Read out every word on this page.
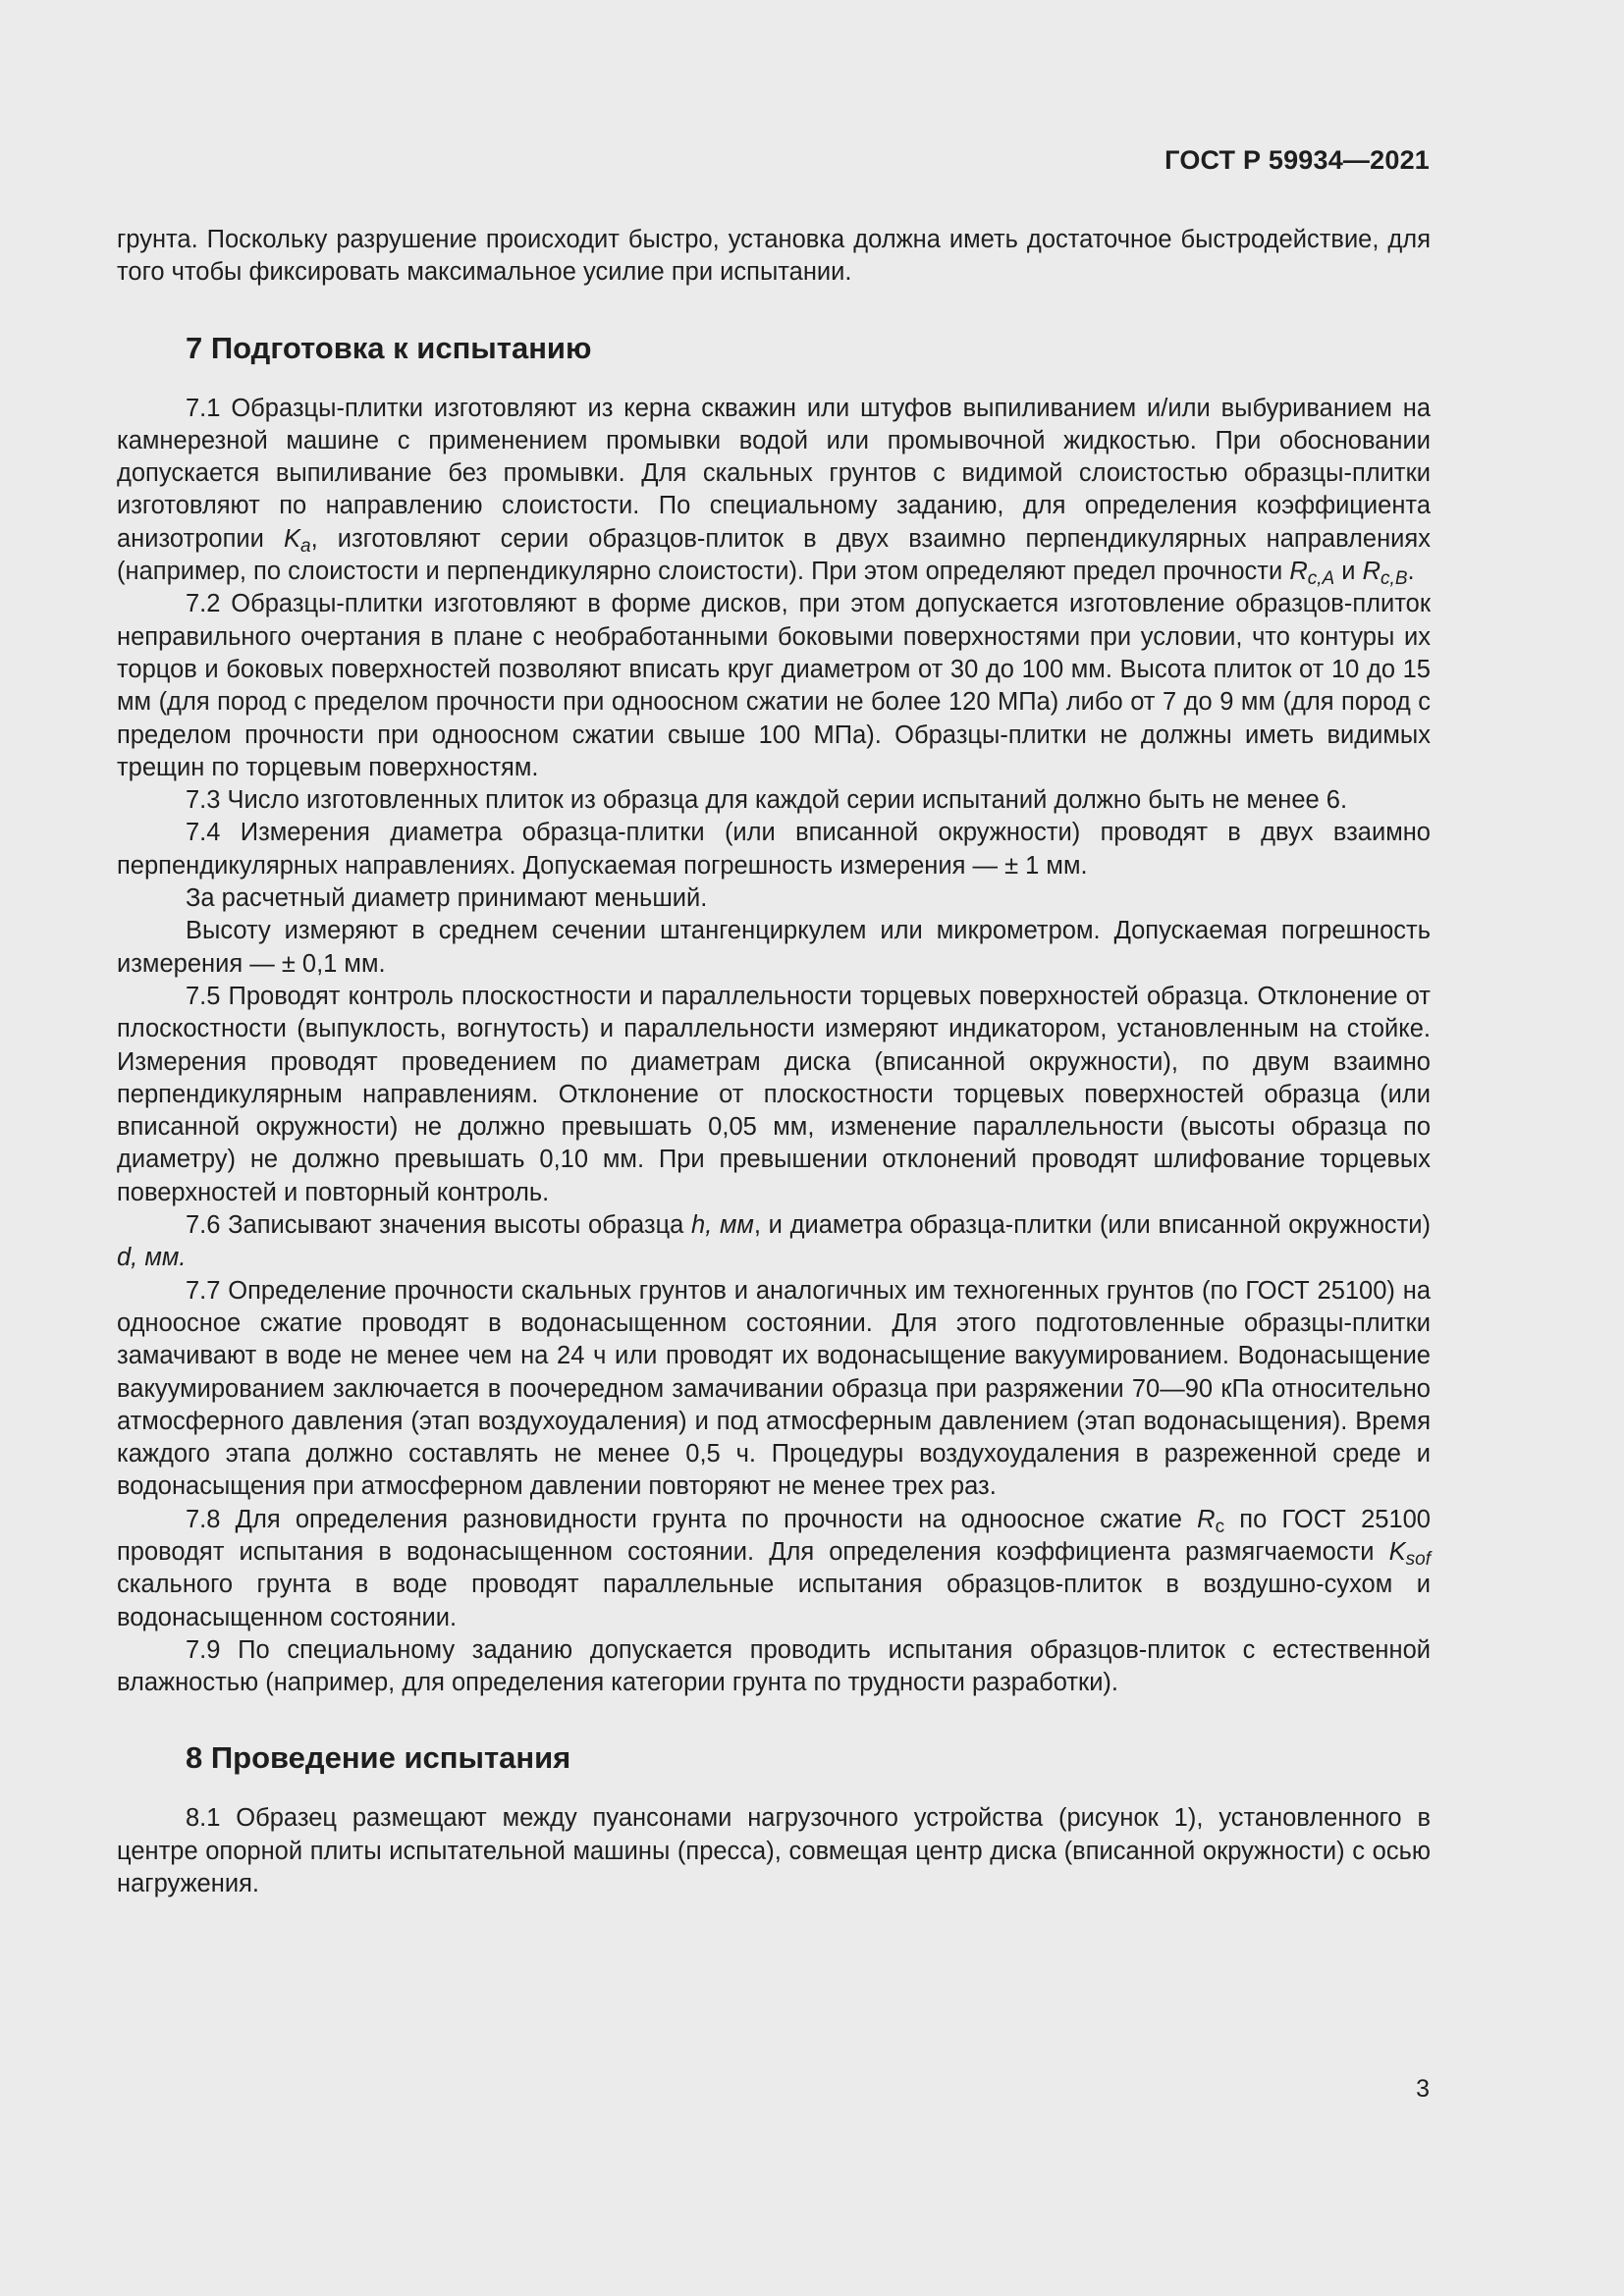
ГОСТ Р 59934—2021

грунта. Поскольку разрушение происходит быстро, установка должна иметь достаточное быстродействие, для того чтобы фиксировать максимальное усилие при испытании.

7 Подготовка к испытанию

7.1 Образцы-плитки изготовляют из керна скважин или штуфов выпиливанием и/или выбуриванием на камнерезной машине с применением промывки водой или промывочной жидкостью. При обосновании допускается выпиливание без промывки. Для скальных грунтов с видимой слоистостью образцы-плитки изготовляют по направлению слоистости. По специальному заданию, для определения коэффициента анизотропии $K_a$, изготовляют серии образцов-плиток в двух взаимно перпендикулярных направлениях (например, по слоистости и перпендикулярно слоистости). При этом определяют предел прочности $R_{c,A}$ и $R_{c,B}$.

7.2 Образцы-плитки изготовляют в форме дисков, при этом допускается изготовление образцов-плиток неправильного очертания в плане с необработанными боковыми поверхностями при условии, что контуры их торцов и боковых поверхностей позволяют вписать круг диаметром от 30 до 100 мм. Высота плиток от 10 до 15 мм (для пород с пределом прочности при одноосном сжатии не более 120 МПа) либо от 7 до 9 мм (для пород с пределом прочности при одноосном сжатии свыше 100 МПа). Образцы-плитки не должны иметь видимых трещин по торцевым поверхностям.

7.3 Число изготовленных плиток из образца для каждой серии испытаний должно быть не менее 6.

7.4 Измерения диаметра образца-плитки (или вписанной окружности) проводят в двух взаимно перпендикулярных направлениях. Допускаемая погрешность измерения — ± 1 мм.

За расчетный диаметр принимают меньший.

Высоту измеряют в среднем сечении штангенциркулем или микрометром. Допускаемая погрешность измерения — ± 0,1 мм.

7.5 Проводят контроль плоскостности и параллельности торцевых поверхностей образца. Отклонение от плоскостности (выпуклость, вогнутость) и параллельности измеряют индикатором, установленным на стойке. Измерения проводят проведением по диаметрам диска (вписанной окружности), по двум взаимно перпендикулярным направлениям. Отклонение от плоскостности торцевых поверхностей образца (или вписанной окружности) не должно превышать 0,05 мм, изменение параллельности (высоты образца по диаметру) не должно превышать 0,10 мм. При превышении отклонений проводят шлифование торцевых поверхностей и повторный контроль.

7.6 Записывают значения высоты образца h, мм, и диаметра образца-плитки (или вписанной окружности) d, мм.

7.7 Определение прочности скальных грунтов и аналогичных им техногенных грунтов (по ГОСТ 25100) на одноосное сжатие проводят в водонасыщенном состоянии. Для этого подготовленные образцы-плитки замачивают в воде не менее чем на 24 ч или проводят их водонасыщение вакуумированием. Водонасыщение вакуумированием заключается в поочередном замачивании образца при разряжении 70—90 кПа относительно атмосферного давления (этап воздухоудаления) и под атмосферным давлением (этап водонасыщения). Время каждого этапа должно составлять не менее 0,5 ч. Процедуры воздухоудаления в разреженной среде и водонасыщения при атмосферном давлении повторяют не менее трех раз.

7.8 Для определения разновидности грунта по прочности на одноосное сжатие $R_c$ по ГОСТ 25100 проводят испытания в водонасыщенном состоянии. Для определения коэффициента размягчаемости $K_{sof}$ скального грунта в воде проводят параллельные испытания образцов-плиток в воздушно-сухом и водонасыщенном состоянии.

7.9 По специальному заданию допускается проводить испытания образцов-плиток с естественной влажностью (например, для определения категории грунта по трудности разработки).

8 Проведение испытания

8.1 Образец размещают между пуансонами нагрузочного устройства (рисунок 1), установленного в центре опорной плиты испытательной машины (пресса), совмещая центр диска (вписанной окружности) с осью нагружения.

3
